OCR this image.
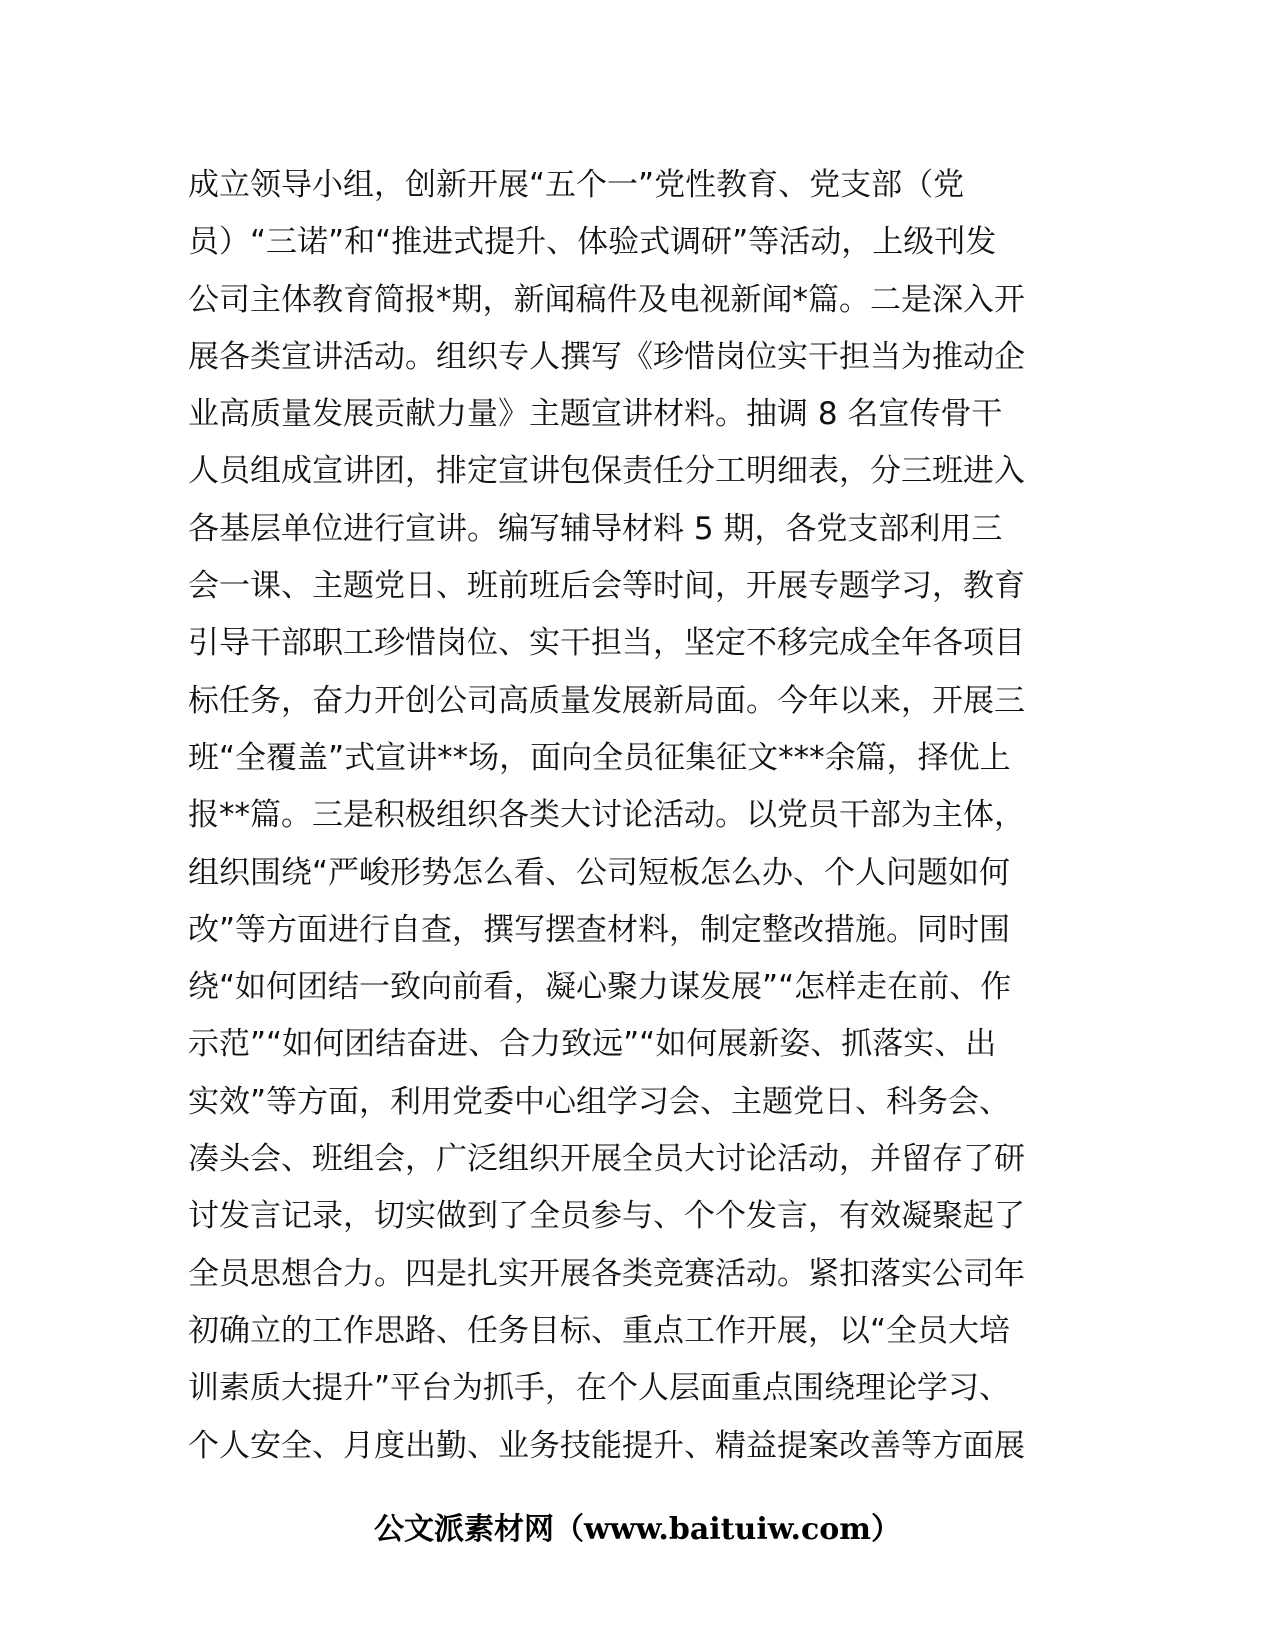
成立领导小组，创新开展“五个一”党性教育、党支部（党
员）“三诺”和“推进式提升、体验式调研”等活动，上级刊发
公司主体教育简报*期，新闻稿件及电视新闻*篇。二是深入开
展各类宣讲活动。组织专人撰写《珍惜岗位实干担当为推动企
业高质量发展贡献力量》主题宣讲材料。抽调 8 名宣传骨干
人员组成宣讲团，排定宣讲包保责任分工明细表，分三班进入
各基层单位进行宣讲。编写辅导材料 5 期，各党支部利用三
会一课、主题党日、班前班后会等时间，开展专题学习，教育
引导干部职工珍惜岗位、实干担当，坚定不移完成全年各项目
标任务，奋力开创公司高质量发展新局面。今年以来，开展三
班“全覆盖”式宣讲**场，面向全员征集征文***余篇，择优上
报**篇。三是积极组织各类大讨论活动。以党员干部为主体，
组织围绕“严峻形势怎么看、公司短板怎么办、个人问题如何
改”等方面进行自查，撰写摆查材料，制定整改措施。同时围
绕“如何团结一致向前看，凝心聚力谋发展”“怎样走在前、作
示范”“如何团结奋进、合力致远”“如何展新姿、抓落实、出
实效”等方面，利用党委中心组学习会、主题党日、科务会、
凑头会、班组会，广泛组织开展全员大讨论活动，并留存了研
讨发言记录，切实做到了全员参与、个个发言，有效凝聚起了
全员思想合力。四是扎实开展各类竞赛活动。紧扣落实公司年
初确立的工作思路、任务目标、重点工作开展，以“全员大培
训素质大提升”平台为抓手，在个人层面重点围绕理论学习、
个人安全、月度出勤、业务技能提升、精益提案改善等方面展
公文派素材网（www.baituiw.com）
